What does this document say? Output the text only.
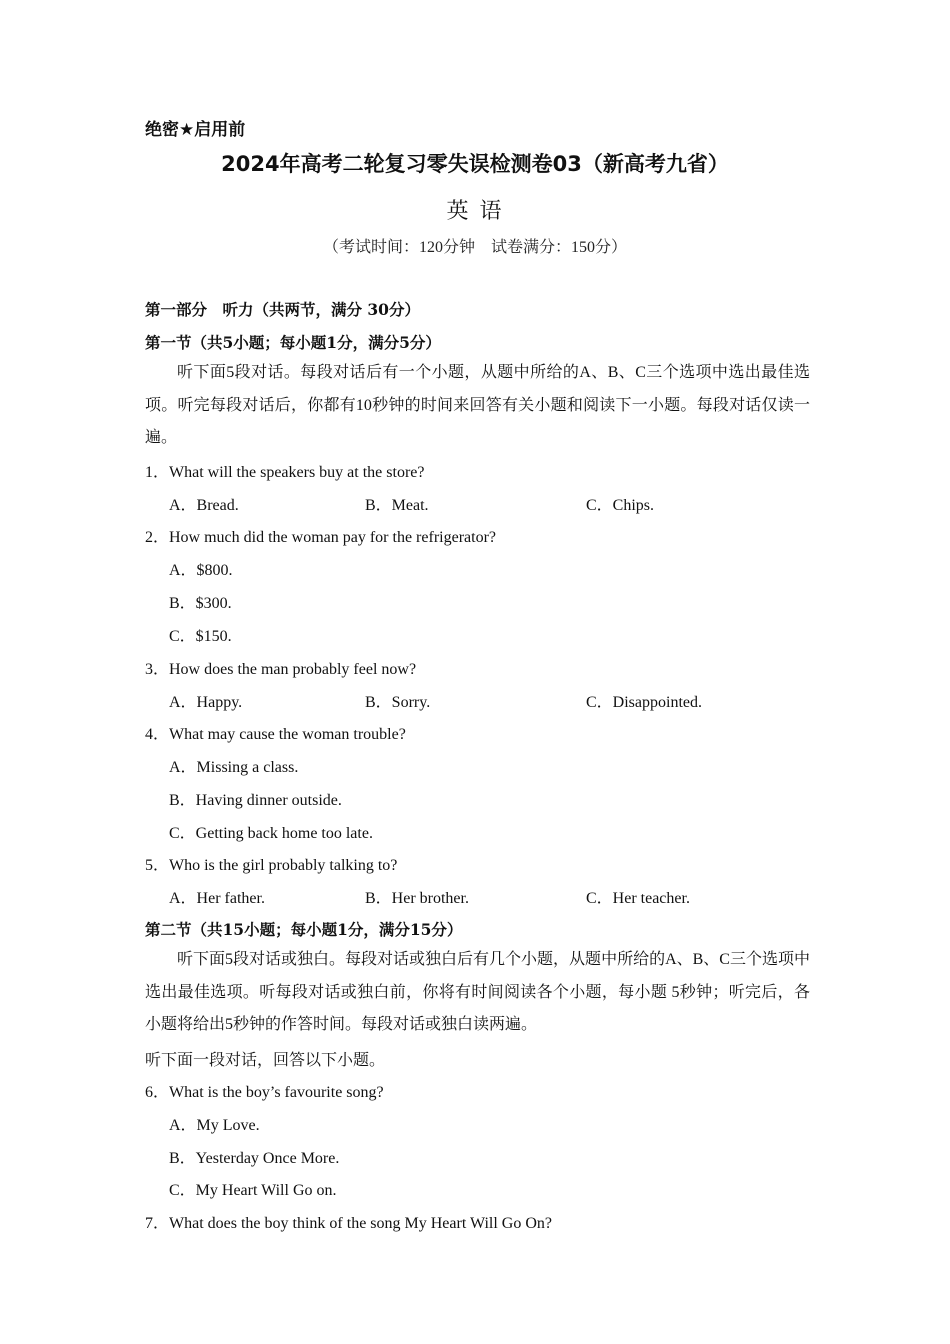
绝密★启用前
2024年高考二轮复习零失误检测卷03（新高考九省）
英 语
（考试时间：120分钟　试卷满分：150分）
第一部分　听力（共两节，满分 30分）
第一节（共5小题；每小题1分，满分5分）
听下面5段对话。每段对话后有一个小题，从题中所给的A、B、C三个选项中选出最佳选项。听完每段对话后，你都有10秒钟的时间来回答有关小题和阅读下一小题。每段对话仅读一遍。
1．What will the speakers buy at the store?
A．Bread.	B．Meat.	C．Chips.
2．How much did the woman pay for the refrigerator?
A．$800.
B．$300.
C．$150.
3．How does the man probably feel now?
A．Happy.	B．Sorry.	C．Disappointed.
4．What may cause the woman trouble?
A．Missing a class.
B．Having dinner outside.
C．Getting back home too late.
5．Who is the girl probably talking to?
A．Her father.	B．Her brother.	C．Her teacher.
第二节（共15小题；每小题1分，满分15分）
听下面5段对话或独白。每段对话或独白后有几个小题，从题中所给的A、B、C三个选项中选出最佳选项。听每段对话或独白前，你将有时间阅读各个小题，每小题 5秒钟；听完后，各小题将给出5秒钟的作答时间。每段对话或独白读两遍。
听下面一段对话，回答以下小题。
6．What is the boy’s favourite song?
A．My Love.
B．Yesterday Once More.
C．My Heart Will Go on.
7．What does the boy think of the song My Heart Will Go On?
